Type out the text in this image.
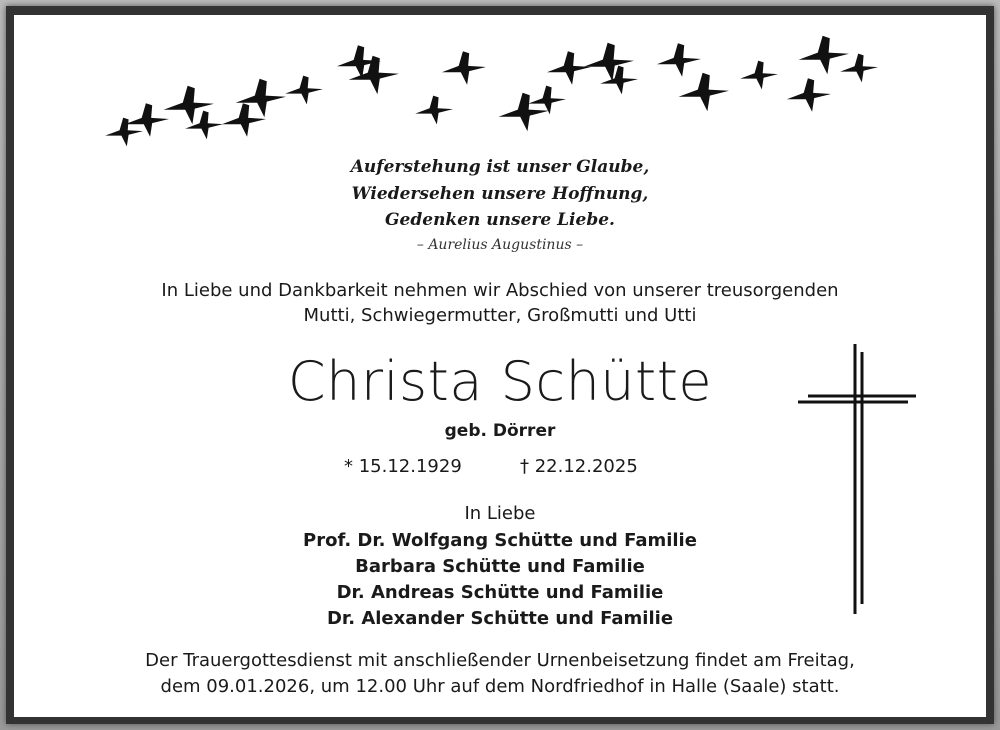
Auferstehung ist unser Glaube,
Wiedersehen unsere Hoffnung,
Gedenken unsere Liebe.
– Aurelius Augustinus –
In Liebe und Dankbarkeit nehmen wir Abschied von unserer treusorgenden
Mutti, Schwiegermutter, Großmutti und Utti
Christa Schütte
geb. Dörrer
* 15.12.1929	† 22.12.2025
In Liebe
Prof. Dr. Wolfgang Schütte und Familie
Barbara Schütte und Familie
Dr. Andreas Schütte und Familie
Dr. Alexander Schütte und Familie
Der Trauergottesdienst mit anschließender Urnenbeisetzung findet am Freitag,
dem 09.01.2026, um 12.00 Uhr auf dem Nordfriedhof in Halle (Saale) statt.
